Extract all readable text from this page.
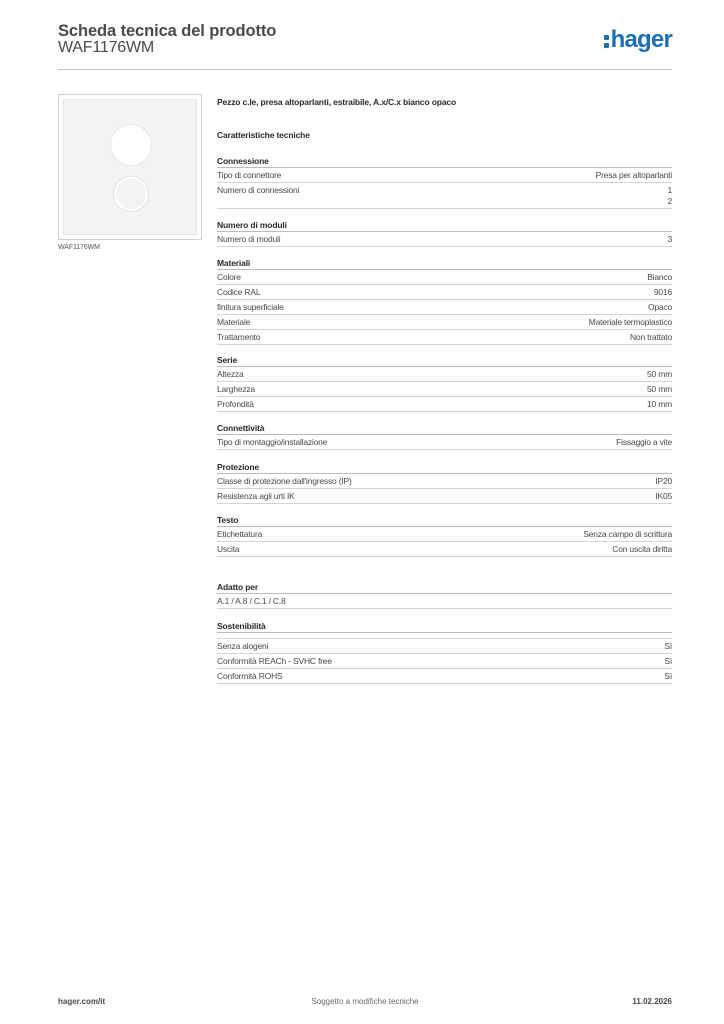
Scheda tecnica del prodotto
WAF1176WM	hager
WAF1176WM
Pezzo c.le, presa altoparlanti, estraibile, A.x/C.x bianco opaco
Caratteristiche tecniche
Connessione
Tipo di connettore	Presa per altoparlanti
Numero di connessioni	1
2
Numero di moduli
Numero di moduli	3
Materiali
Colore	Bianco
Codice RAL	9016
finitura superficiale	Opaco
Materiale	Materiale termoplastico
Trattamento	Non trattato
Serie
Altezza	50 mm
Larghezza	50 mm
Profondità	10 mm
Connettività
Tipo di montaggio/installazione	Fissaggio a vite
Protezione
Classe di protezione dall'ingresso (IP)	IP20
Resistenza agli urti IK	IK05
Testo
Etichettatura	Senza campo di scrittura
Uscita	Con uscita diritta
Adatto per
A.1 / A.8 / C.1 / C.8
Sostenibilità
Senza alogeni	Sì
Conformità REACh - SVHC free	Sì
Conformità ROHS	Sì
hager.com/it	Soggetto a modifiche tecniche	11.02.2026
